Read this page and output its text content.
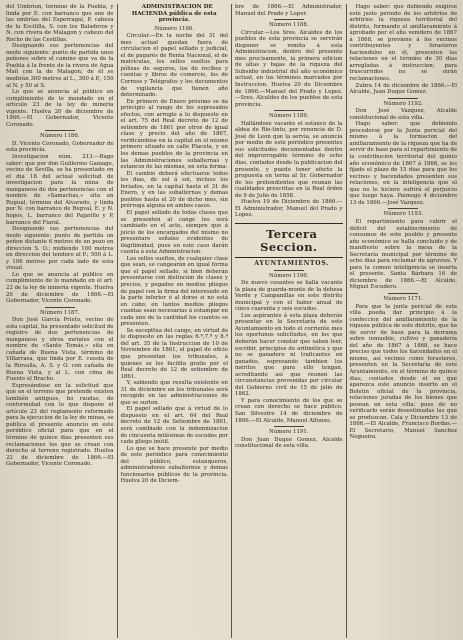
del Umbrion, término de la Puebla, y linda por E. con barranco que une de las umbrías del Esperragal, P. cabeza de la Escililla, S. con los Baladeros y N. con rivera de Malagon y cabezo del Rocho de las Cestillas.

Designando sus pertenencias del modo siguiente: punto de partida unos peñones sobre el camino que va de la Puebla á la frente de la rivera de Agua Mañ con la de Malagon; de él se medirán 300 metros al L., 300 á P., 150 al N. y 50 al S.

Lo que se anuncia al público en cumplimiento de lo mandado en el artículo 23 de la ley de minería vigente. Huelva 20 de diciembre de 1866.—El Gobernador, Vicente Coronado.

Número 1186.

D. Vicente Coronado, Gobernador de esta provincia.

Investigacion núm. 213.—Bago saber: que por don Guillermo Gamage, vecino de Sevilla, se ha presentado en el dia 18 del actual solicitud de investigacion para la mina de manganeso de dos pertenencias con el nombre de «Samachas,» sita en Rugual, término del Alvaredo, y linda por N. con barranco de Regval, E. y N. hopos, L. barranco del Pajarillo y P. barranco del Fiaral.

Designando sus pertenencias del modo siguiente: punto de partida un peñon distante 6 metros de un pozo en direccion S. O.; midiendo 100 metros en direccion del tendero al P.; 500 á L. y 106 metros por cada lado de esta visual.

Lo que se anuncia al público en cumplimiento de lo mandado en el art. 22 de la ley de minería vigente. Huelva 20 de diciembre de 1866.—El Gobernador, Vicente Coronado.

Número 1187.

Don José García Prieto, vecino de esta capital, ha presentado solicitud de registro de dos pertenencias de manganeso y otros metales con el nombre de «Santo Tomás,» sita en cañada de Buena Vista, término de Villarrasa, que linda por E. cuesta de la Rinvalla, A. S. y O. con cañada de Buena Vista, y al L. con cima de Fuente el Bracho.

Espresándose en la solicitud que que en el terreno que pretende existen también antiguos, bo raudas, de conformidad con lo que dispone el artículo 23 del reglamento reformado para la ejecucion de la ley de minas, se publica el presente anuncio en este periódico oficial para que en el término de quince dias presenten sus reclamaciones los que se crean con derecho al terreno registrado. Huelva 22 de diciembre de 1866.—El Gobernador, Vicente Coronado.

ADMINISTRACION DE HACIENDA pública de esta provincia.

Número 1106.

Circular.—En la noche del 31 del mes actual quedan fuera de circulacion el papel sellado y judicial, el de pagarés de Renta Nacional, el de matrículas, los sellos sueltos para pólizas de seguros, los de recibos y cuentas y libros de comercio, los de Correos y Telégrafos y los documentos de vigilancia que tienen año determinado.

En primero de Enero próximo se da principio al rango de los espresados efectos, con arreglo á lo dispuesto en el art. 75 del Real decreto de 12 de setiembre de 1861 por otros de igual clase y precio del año de 1867, verificándose en la capital en el mismo primero situado en calle Placeta, y en los demas pueblos de la provincia en las Administraciones subalternas y estancos de las mismas, en esta forma:

El cambio deberá efectuarse todos los dias, de sol á sol, incluso los feriados, en la capital hasta el 31 de Enero, y en las subalternas y demas pueblos hasta el 20 de dicho mes, sin prórroga alguna en ambos casos.

El papel sellado de todas clases que se presenten al cange les será cambiado en el acto, siempre que á juicio de los encargados del mismo no presentare señales evidentes de ilegitimidad, pues en este caso darán cuenta á esta Administracion.

Los sellos sueltos, de cualquier clase que sean, se cangearán en igual forma que el papel sellado, si bien deberán presentarse con distincion de clases y precios, y pegados en medios pliegos de papel con la firma del interesado en la parte inferior ó al dorso si no está en cabo; en tantos medios pliegos cuantas sean necesarias á estampar en cada uno de la cantidad los cuantos se presenten.

Se escepttúa del cange, en virtud de lo dispuesto en las reglas 6.ª,7.ª y 8.ª del art. 35 de la Instruccion de 10 de Noviembre de 1861, el papel de oficio que presentan los tribunales, á quienes se les facilita gratis por el Real decreto de 12 de setiembre de 1861.

Y, sabiendo que resulta existente en 31 de diciembre en los tribunales será recogido en las administraciones de que se surten.

El papel sellado que á virtud de lo dispuesto en el art. 64 del Real decreto de 12 de Setiembre de 1861, será cambiado con la indemnizacion de cincuenta milésimas de escudos por cada pliego inútil.

Lo que se hace presente por medio de este periódico para conocimiento del público, estanqueros, administradores subalternos y demas funcionarios públicos de la provincia. Huelva 20 de Diciem-

bre de 1866.—El Administrador, Manuel del Prado y Loper.

Número 1188.

Circular.—Los Sres. Alcaldes de los pueblos de esta provincia se servirán disponer se remita á esta Administracion, dentro del presente mes precisamente, la primera edicion de altas y bajas de la riqueza del Subsidio industrial del año económico actual, en los términos marcados por Instruccion. Huelva 20 de Diciembre de 1866.—Manuel del Prado y Lopez.—Sres. Alcaldes de los pueblos de esta provincia.

Número 1189.

Hallándose vacante el estanco de la aldea de Rio-tinto, por renuncia de D. José de Leon que la servia, se anuncia por medio de este periódico presentes sus solicitudes documentadas dentro del improrrogable término de ocho dias, contados desde la publicacion del presente, y puedo tener efecto la propuesta en terna al Sr. Gobernador de los pretendientes que reunan las cualidades prescritas en la Real órden de 9 de Julio de 1858.

Huelva 19 de Diciembre de 1866.—El Administrador, Manuel del Prado y Lopez.

Tercera Seccion.

AYUNTAMIENTOS.

Número 1190.

De nuevo cesantes se halla vacante la plaza de guarda-monte de la dehesa Verde y Campanillas en este distrito municipal y con el haber anual de cinco cuarenta y seis escudos.

Los aspirantes á esta plaza deberán presentar en la Secretaría de este Ayuntamiento en todo el corriente mes los oportunos solicitudes, en los que deberán hacer constar que saben leer, escribir, principios de aritmética y que no se ganadero ni traficantes en ganados, espresando tambien los méritos que para ello tengan, acreditando así que reunen las circunstancias prevenidas por circular del Gobierno civil de 15 de julio de 1862.

Y para conocimiento de los que se crean con derecho se hace público. San Silvestre 14 de diciembre de 1866.—El Alcalde, Manuel Alfonso.

Número 1191.

Don Juan Duque Gomez, Alcalde constitucional de esta villa.

Hago saber: que debiendo exigirse este juste periodo de los arbitrios de arbitrios la riqueza territorial del distrito, formando el amillaramiento á aprobado por el año venidero de 1867 á 1868, se previene á los vecinos contribuyentes y forasteros haciendolos en él, presenten las relaciones en el término de 30 dias arregladas á instruccion; para trascurridos no se oirán reclamaciones.

Zubra 14 de diciembre de 1866.—El Alcalde, Juan Duque Gomez.

Número 1192.

Don José Vazquez, Alcalde constitucional de esta villa.

Hago saber: que debiendo procederse por la Junta pericial del mismo á la formacion del amillaramiento de la riqueza que ha de servir de base para el repartimiento de la contribucion territorial del quinto año económico de 1867 á 1868, se les fijado el plazo de 15 dias para que los vecinos y hacendados presenten sus relaciones, en la inteligencia que el que no lo hiciere sufrirá el perjuicio que luego haya. Paimogo 4 diciembre 13 de 1866.—José Vazquez.

Número 1193.

El repartimiento para cubrir el déficit del establecimiento de consumos de este pueblo y presente año económico se halla concluido y de manifiesto sobre la mesa de la Secretaría municipal por término de ocho dias para reclamar de agravios. Y para la comun inteligencia se inserta el presente. Santa Bárbara 16 de diciembre de 1866.—El Alcalde, Miguel Escudero.

Número 1171.

Para que la junta pericial de esta villa pueda dar principio á la confeccion del amillaramiento de la riqueza pública de este distrito, que ha de servir de base para la derrama sobre inmueble, cultivo y ganadería del año de 1867 á 1868, se hace preciso que todos los hacendados en el mismo, así vecinos como forasteros, presenten en la Secretaría de este Ayuntamiento, en el término de quince dias, contados desde el en que aparezca este anuncio inserto en el Boletin oficial de la provincia, relaciones juradas de los bienes que posean en esta villa; pues de no verificarlo serán desestimadas las que se produzcan. Cala y Diciembre 13 de 1866.—El Alcalde, Francisco Bordas.—El Secretario, Manuel Sanchez Nogueira.
